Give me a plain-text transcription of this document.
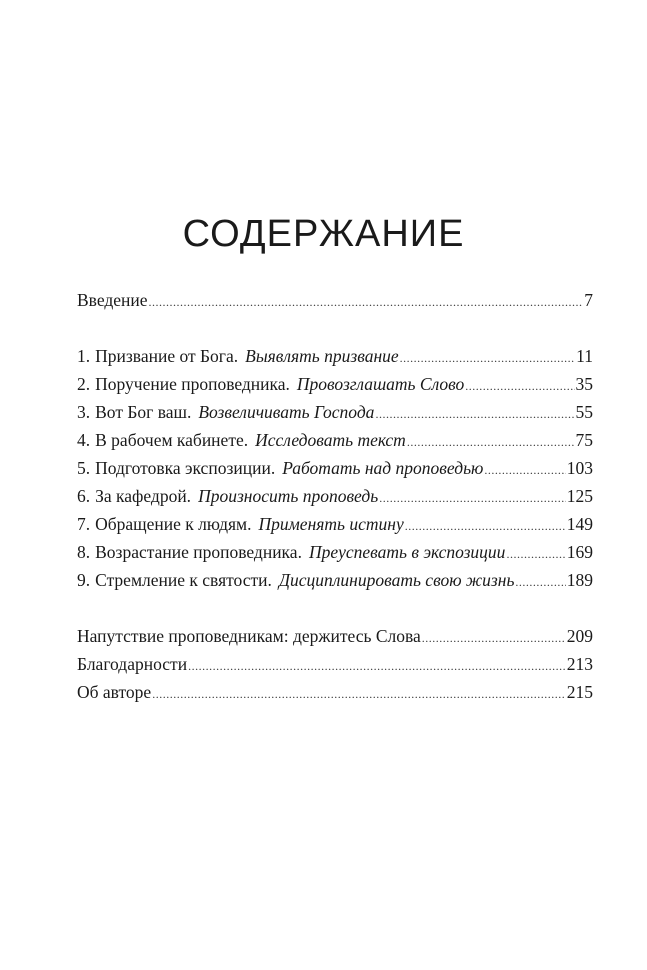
СОДЕРЖАНИЕ
Введение .....	7
1. Призвание от Бога. Выявлять призвание .....	11
2. Поручение проповедника. Провозглашать Слово .....	35
3. Вот Бог ваш. Возвеличивать Господа .....	55
4. В рабочем кабинете. Исследовать текст .....	75
5. Подготовка экспозиции. Работать над проповедью .....	103
6. За кафедрой. Произносить проповедь .....	125
7. Обращение к людям. Применять истину .....	149
8. Возрастание проповедника. Преуспевать в экспозиции .....	169
9. Стремление к святости. Дисциплинировать свою жизнь .....	189
Напутствие проповедникам: держитесь Слова .....	209
Благодарности .....	213
Об авторе .....	215
